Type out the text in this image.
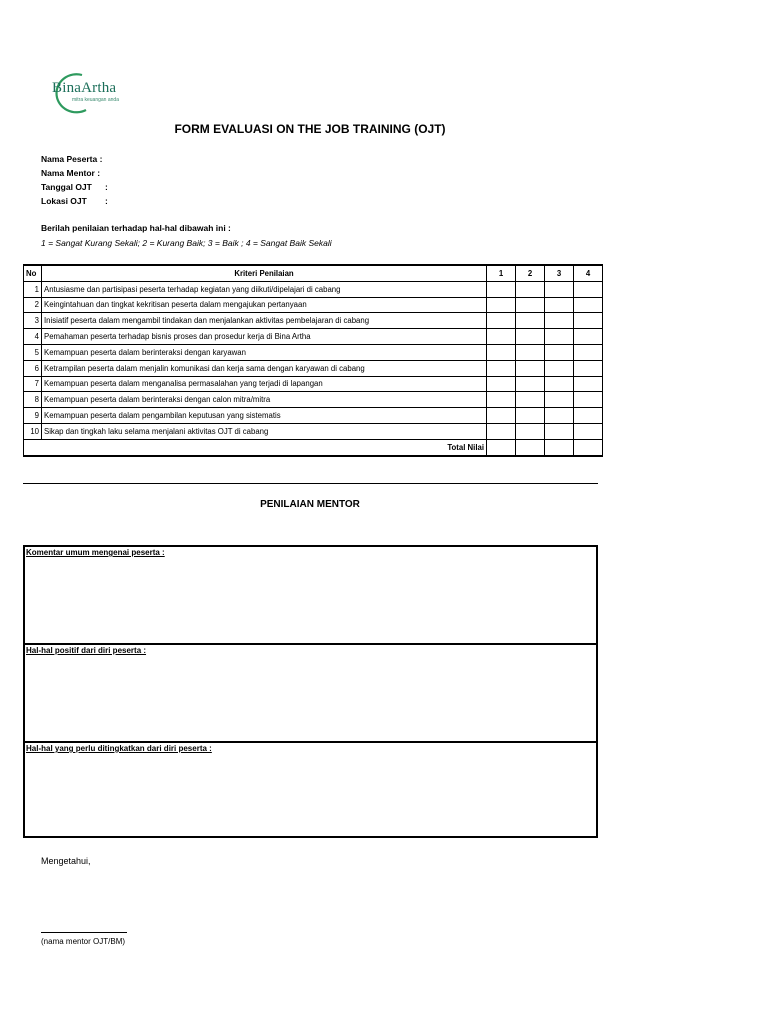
BinaArtha
mitra keuangan anda
FORM EVALUASI ON THE JOB TRAINING (OJT)
Nama Peserta :
Nama Mentor :
Tanggal OJT :
Lokasi OJT :
Berilah penilaian terhadap hal-hal dibawah ini :
1 = Sangat Kurang Sekali; 2 = Kurang Baik; 3 = Baik ; 4 = Sangat Baik Sekali
No	Kriteri Penilaian	1	2	3	4
1	Antusiasme dan partisipasi peserta terhadap kegiatan yang diikuti/dipelajari di cabang				
2	Keingintahuan dan tingkat kekritisan peserta dalam mengajukan pertanyaan				
3	Inisiatif peserta dalam mengambil tindakan dan menjalankan aktivitas pembelajaran di cabang				
4	Pemahaman peserta terhadap bisnis proses dan prosedur kerja di Bina Artha				
5	Kemampuan peserta dalam berinteraksi dengan karyawan				
6	Ketrampilan peserta dalam menjalin komunikasi dan kerja sama dengan karyawan di cabang				
7	Kemampuan peserta dalam menganalisa permasalahan yang terjadi di lapangan				
8	Kemampuan peserta dalam berinteraksi dengan calon mitra/mitra				
9	Kemampuan peserta dalam pengambilan keputusan yang sistematis				
10	Sikap dan tingkah laku selama menjalani aktivitas OJT di cabang				
Total Nilai					
PENILAIAN MENTOR
Komentar umum mengenai peserta :
Hal-hal positif dari diri peserta :
Hal-hal yang perlu ditingkatkan dari diri peserta :
Mengetahui,
(nama mentor OJT/BM)
